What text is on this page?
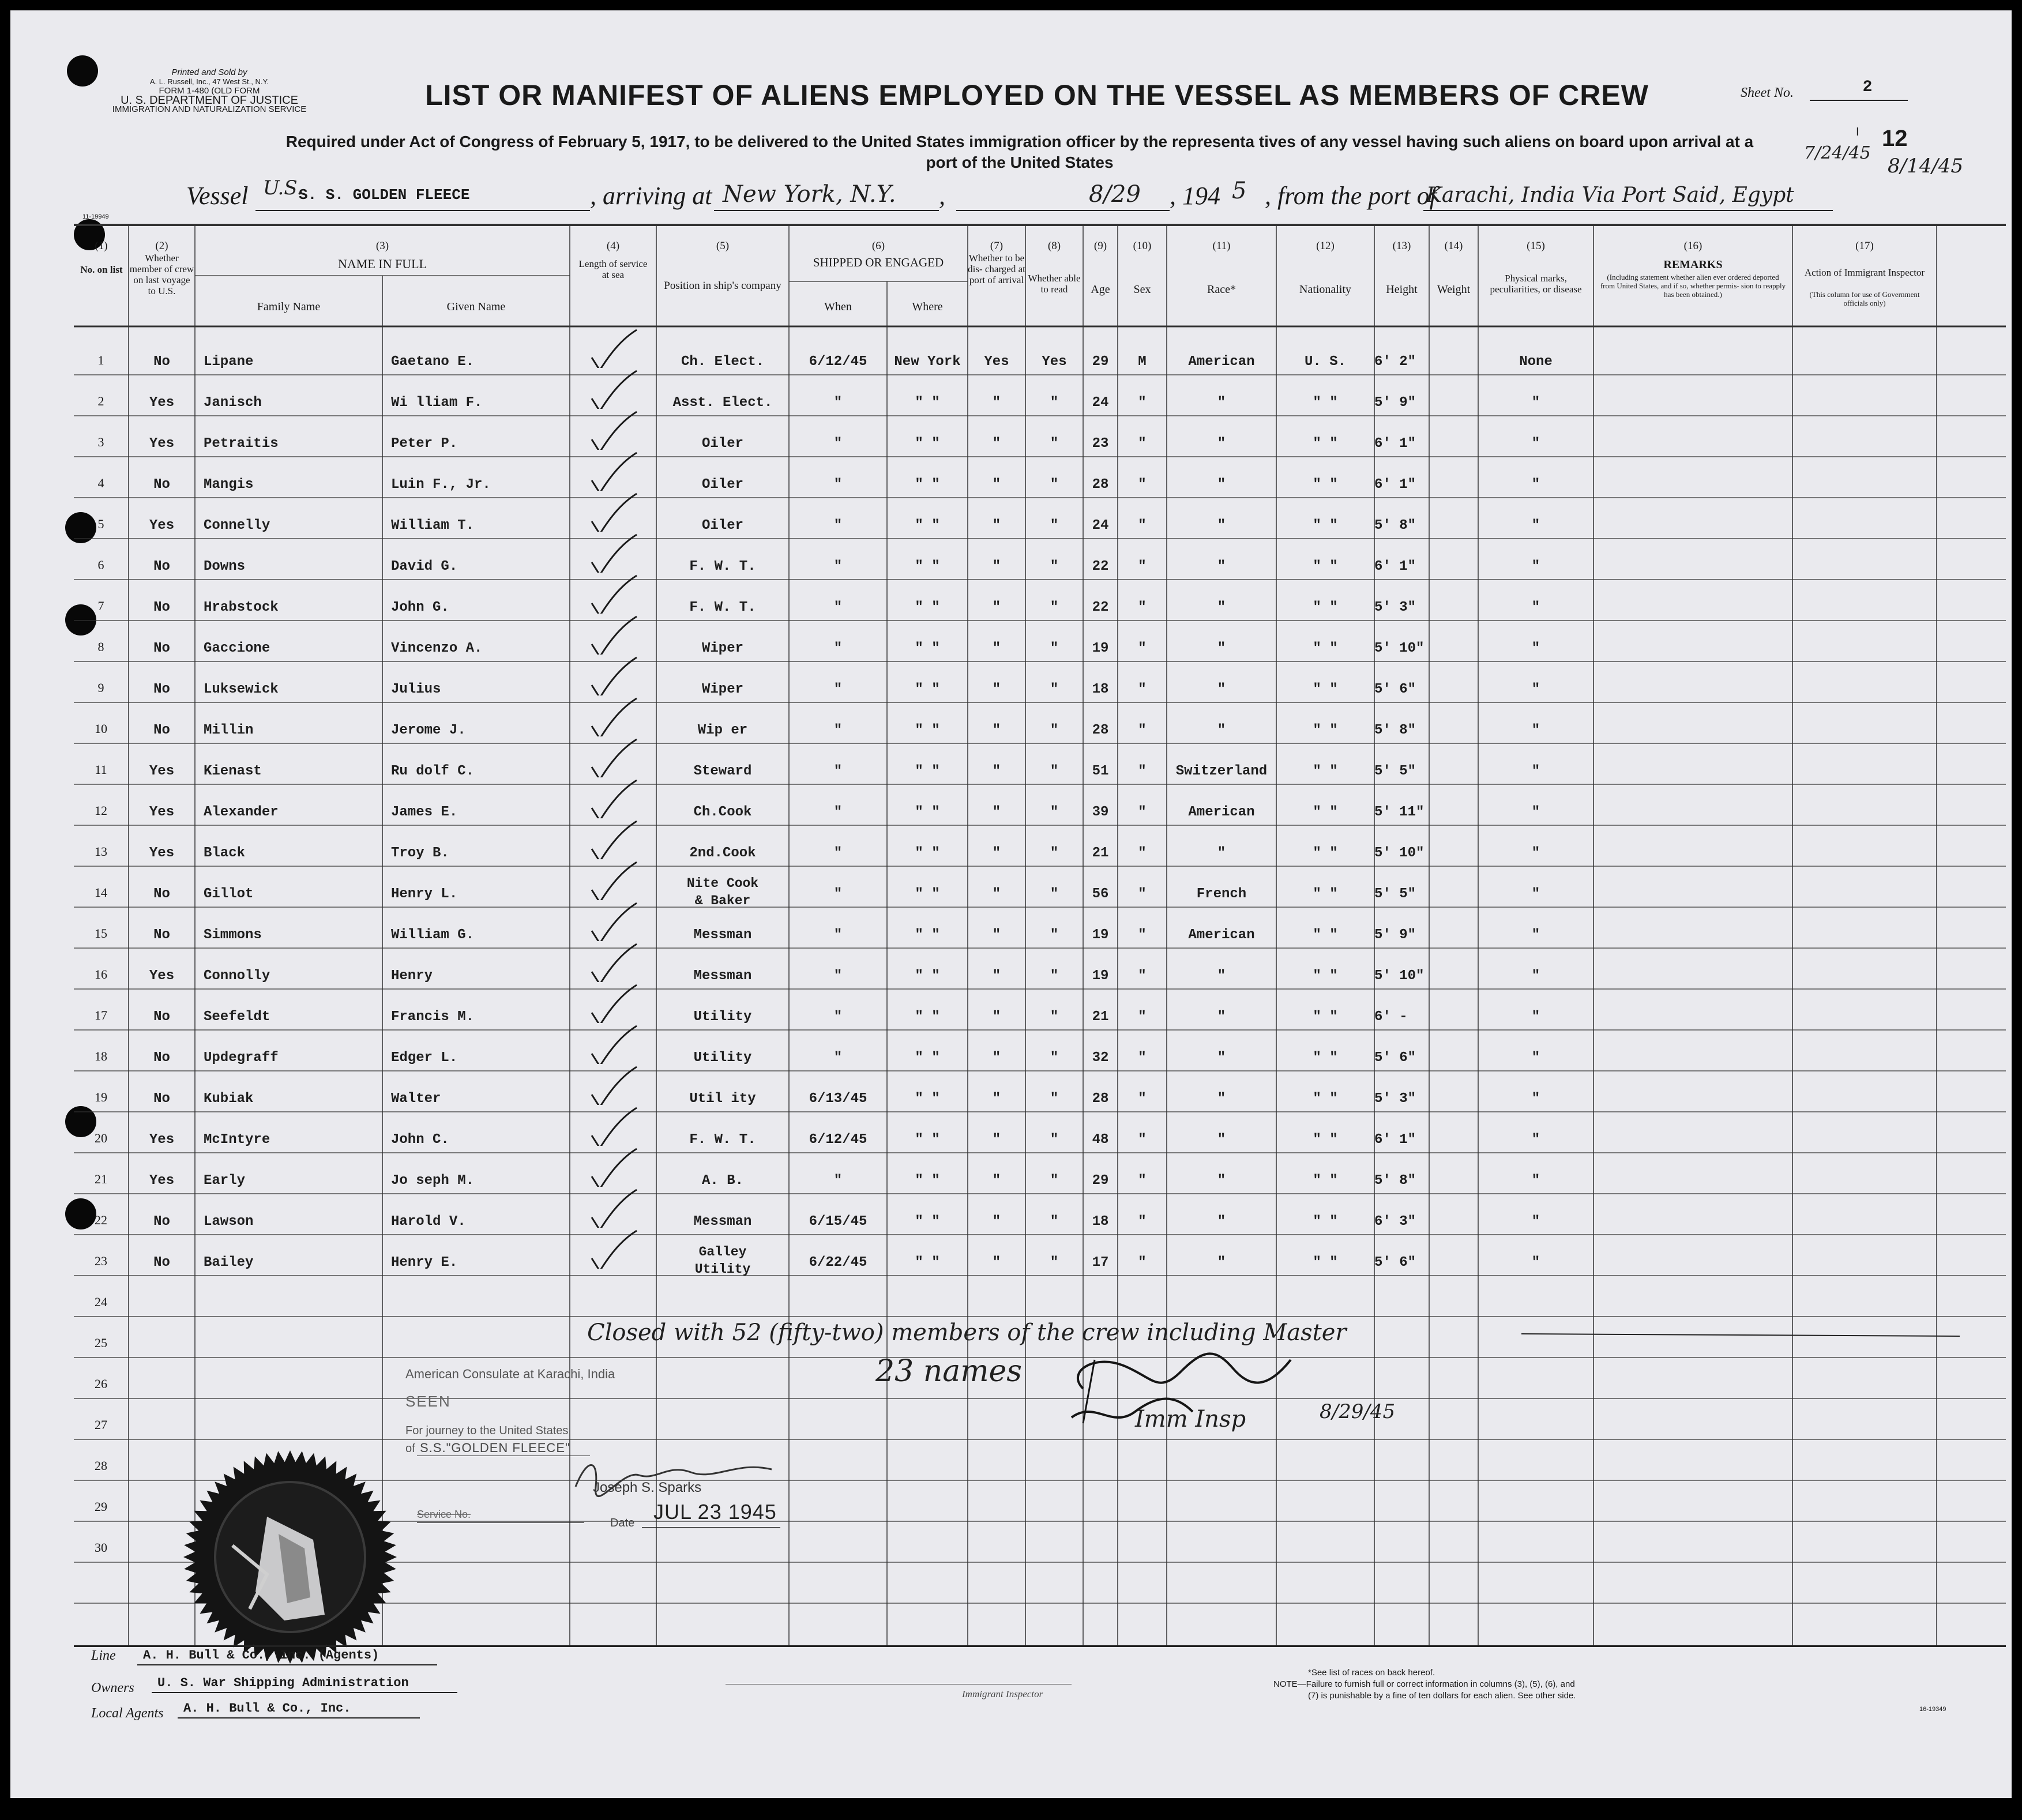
Printed and Sold by
A. L. Russell, Inc., 47 West St., N.Y.
FORM 1-480 (OLD FORM
U. S. DEPARTMENT OF JUSTICE
IMMIGRATION AND NATURALIZATION SERVICE	LIST OR MANIFEST OF ALIENS EMPLOYED ON THE VESSEL AS MEMBERS OF CREW	Sheet No.	2
Required under Act of Congress of February 5, 1917, to be delivered to the United States immigration officer by the representa tives of any vessel having such aliens on board upon arrival at a
port of the United States
I 12
Vessel U.S.
S. S. GOLDEN FLEECE	, arriving at New York, N.Y. ,	8/29 , 194 5 , from the port of
Karachi, India Via Port Said, Egypt
7/24/45
8/14/45
11-19949
(1)
No. on list
(2)
Whether member of crew on last voyage to U.S.
(3)
NAME IN FULL
Family Name	Given Name
(4)
Length of service at sea
(5)
Position in ship's company
(6)
SHIPPED OR ENGAGED
When	Where
(7)
Whether to be dis- charged at port of arrival
(8)
Whether able to read
(9)
Age
(10)
Sex
(11)
Race*
(12)
Nationality
(13)
Height
(14)
Weight
(15)
Physical marks, peculiarities, or disease
(16)
REMARKS
(Including statement whether alien ever ordered deported from United States, and if so, whether permis- sion to reapply has been obtained.)
(17)
Action of Immigrant Inspector
(This column for use of Government officials only)
1	No	Lipane	Gaetano E.	Ch. Elect.	6/12/45	New York	Yes	Yes	29	M	American	U. S.	6' 2"	None
2	Yes	Janisch	Wi lliam F.	Asst. Elect.	"	" "	"	"	24	"	"	" "	5' 9"	"
3	Yes	Petraitis	Peter P.	Oiler	"	" "	"	"	23	"	"	" "	6' 1"	"
4	No	Mangis	Luin F., Jr.	Oiler	"	" "	"	"	28	"	"	" "	6' 1"	"
5	Yes	Connelly	William T.	Oiler	"	" "	"	"	24	"	"	" "	5' 8"	"
6	No	Downs	David G.	F. W. T.	"	" "	"	"	22	"	"	" "	6' 1"	"
7	No	Hrabstock	John G.	F. W. T.	"	" "	"	"	22	"	"	" "	5' 3"	"
8	No	Gaccione	Vincenzo A.	Wiper	"	" "	"	"	19	"	"	" "	5' 10"	"
9	No	Luksewick	Julius	Wiper	"	" "	"	"	18	"	"	" "	5' 6"	"
10	No	Millin	Jerome J.	Wip er	"	" "	"	"	28	"	"	" "	5' 8"	"
11	Yes	Kienast	Ru dolf C.	Steward	"	" "	"	"	51	"	Switzerland	" "	5' 5"	"
12	Yes	Alexander	James E.	Ch.Cook	"	" "	"	"	39	"	American	" "	5' 11"	"
13	Yes	Black	Troy B.	2nd.Cook	"	" "	"	"	21	"	"	" "	5' 10"	"
14	No	Gillot	Henry L.
Nite Cook
& Baker	"	" "	"	"	56	"	French	" "	5' 5"	"
15	No	Simmons	William G.	Messman	"	" "	"	"	19	"	American	" "	5' 9"	"
16	Yes	Connolly	Henry	Messman	"	" "	"	"	19	"	"	" "	5' 10"	"
17	No	Seefeldt	Francis M.	Utility	"	" "	"	"	21	"	"	" "	6' -	"
18	No	Updegraff	Edger L.	Utility	"	" "	"	"	32	"	"	" "	5' 6"	"
19	No	Kubiak	Walter	Util ity	6/13/45	" "	"	"	28	"	"	" "	5' 3"	"
20	Yes	McIntyre	John C.	F. W. T.	6/12/45	" "	"	"	48	"	"	" "	6' 1"	"
21	Yes	Early	Jo seph M.	A. B.	"	" "	"	"	29	"	"	" "	5' 8"	"
22	No	Lawson	Harold V.	Messman	6/15/45	" "	"	"	18	"	"	" "	6' 3"	"
23	No	Bailey	Henry E.
Galley
Utility	6/22/45	" "	"	"	17	"	"	" "	5' 6"	"
24
25
26
27
28
29
30
Closed with 52 (fifty-two) members of the crew including Master
23 names
Imm Insp	8/29/45
American Consulate at Karachi, India
SEEN
For journey to the United States
of S.S."GOLDEN FLEECE"
Joseph S. Sparks
Service No.
Date JUL 23 1945
Line A. H. Bull & Co., Inc. (Agents)
Owners U. S. War Shipping Administration
Local Agents A. H. Bull & Co., Inc.
Immigrant Inspector
*See list of races on back hereof.
NOTE—Failure to furnish full or correct information in columns (3), (5), (6), and
(7) is punishable by a fine of ten dollars for each alien. See other side.
16-19349
